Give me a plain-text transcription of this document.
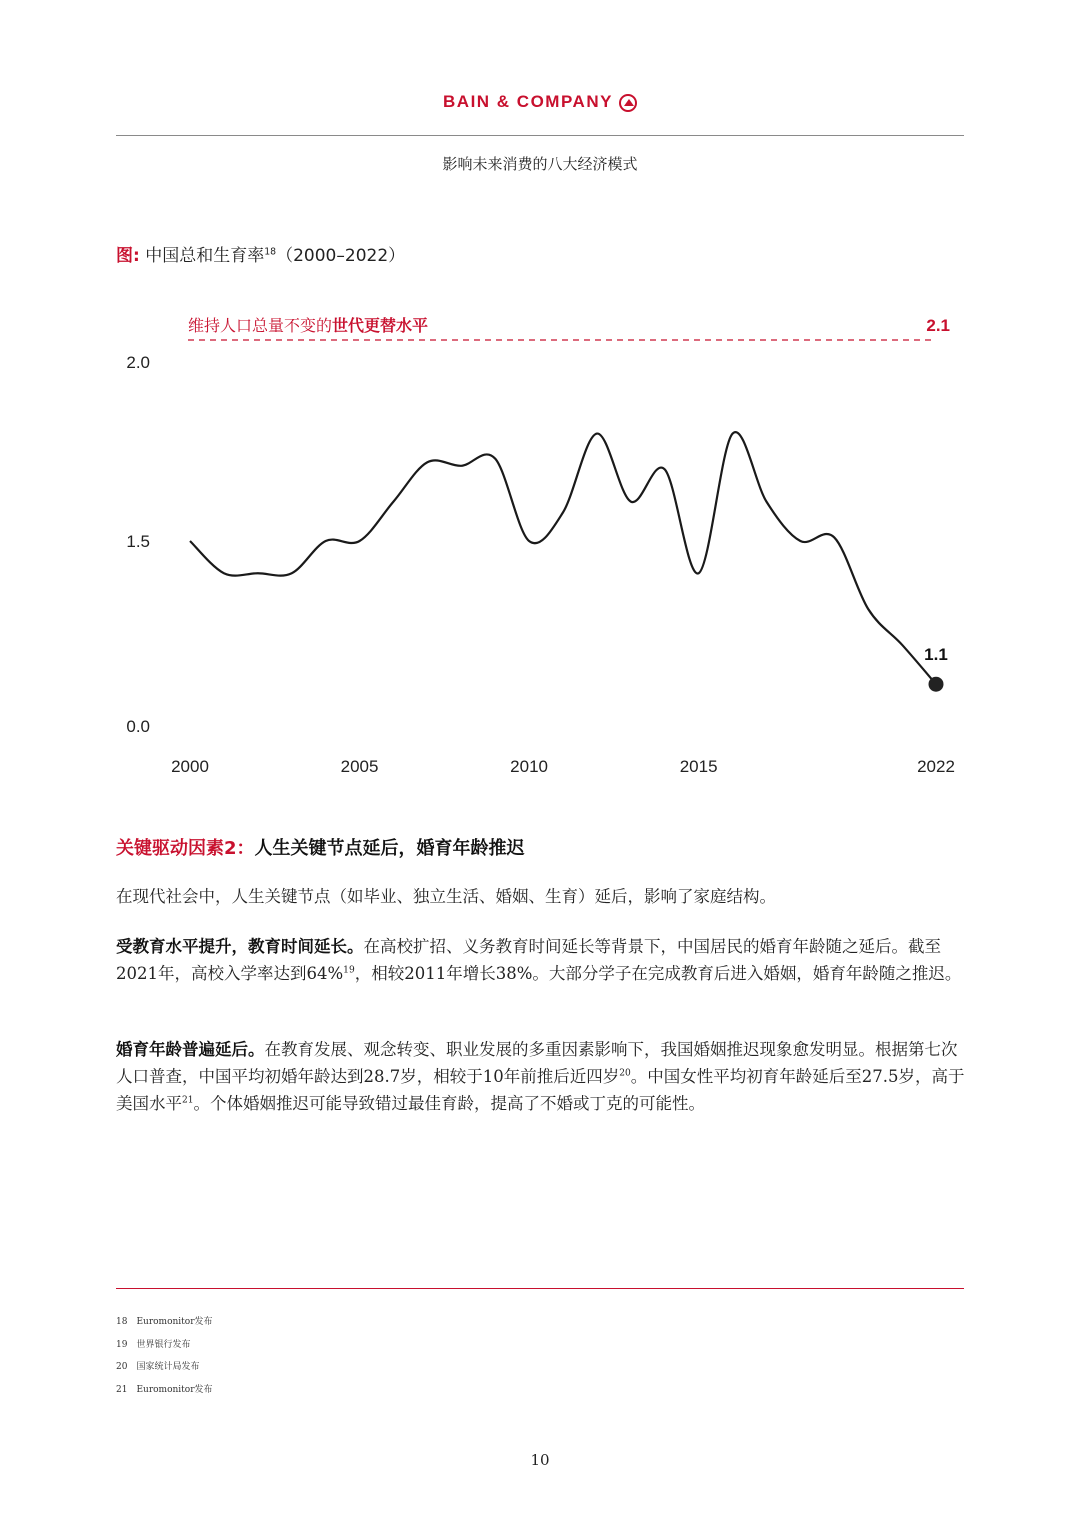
BAIN & COMPANY
影响未来消费的八大经济模式
图: 中国总和生育率$^{18}$（2000–2022）
维持人口总量不变的世代更替水平	2.1
0.0
1.5
2.0
2000	2005	2010	2015	2022
1.1
关键驱动因素2：人生关键节点延后，婚育年龄推迟
在现代社会中，人生关键节点（如毕业、独立生活、婚姻、生育）延后，影响了家庭结构。
受教育水平提升，教育时间延长。在高校扩招、义务教育时间延长等背景下，中国居民的婚育年龄随之延后。截至2021年，高校入学率达到64%$^{19}$，相较2011年增长38%。大部分学子在完成教育后进入婚姻，婚育年龄随之推迟。
婚育年龄普遍延后。在教育发展、观念转变、职业发展的多重因素影响下，我国婚姻推迟现象愈发明显。根据第七次人口普查，中国平均初婚年龄达到28.7岁，相较于10年前推后近四岁$^{20}$。中国女性平均初育年龄延后至27.5岁，高于美国水平$^{21}$。个体婚姻推迟可能导致错过最佳育龄，提高了不婚或丁克的可能性。
18　Euromonitor发布
19　世界银行发布
20　国家统计局发布
21　Euromonitor发布
10
